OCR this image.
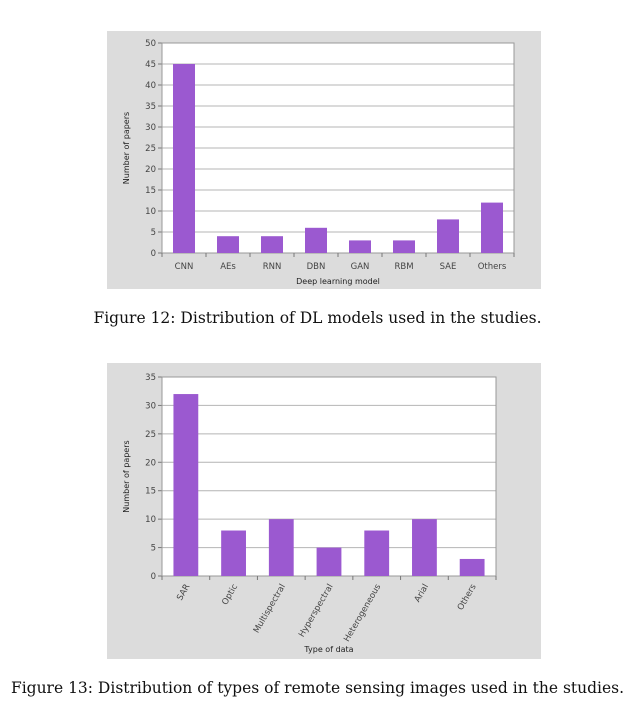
0
5
10
15
20
25
30
35
40
45
50
CNN	AEs	RNN	DBN	GAN	RBM	SAE	Others
Deep learning model
Number of papers
Figure 12: Distribution of DL models used in the studies.
0
5
10
15
20
25
30
35
SAR	Optic Multispectral Hyperspectral Heterogeneous	Arial	Others
Type of data
Number of papers
Figure 13: Distribution of types of remote sensing images used in the studies.
